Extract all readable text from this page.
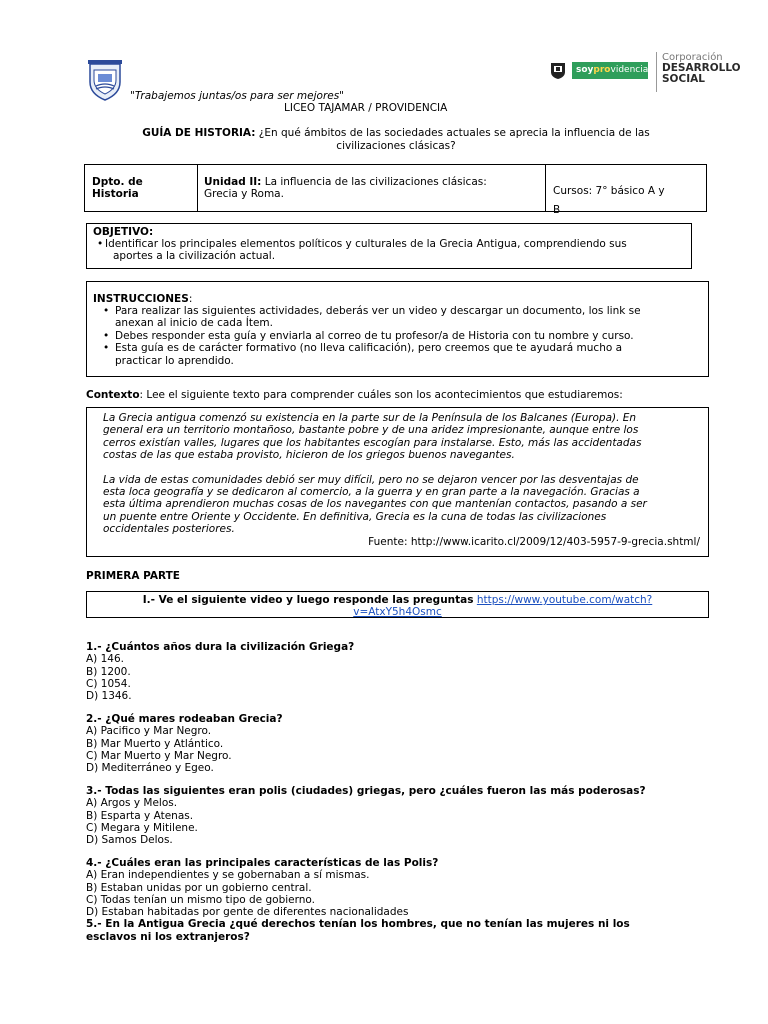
"Trabajemos juntas/os para ser mejores"
LICEO TAJAMAR / PROVIDENCIA
soyprovidencia
Corporación
DESARROLLO
SOCIAL
GUÍA DE HISTORIA: ¿En qué ámbitos de las sociedades actuales se aprecia la influencia de las
civilizaciones clásicas?
Dpto. de
Historia
Unidad II: La influencia de las civilizaciones clásicas:
Grecia y Roma.	Cursos: 7° básico A y
B
OBJETIVO:
• Identificar los principales elementos políticos y culturales de la Grecia Antigua, comprendiendo sus
aportes a la civilización actual.
INSTRUCCIONES:
• Para realizar las siguientes actividades, deberás ver un video y descargar un documento, los link se
anexan al inicio de cada Ítem.
• Debes responder esta guía y enviarla al correo de tu profesor/a de Historia con tu nombre y curso.
• Esta guía es de carácter formativo (no lleva calificación), pero creemos que te ayudará mucho a
practicar lo aprendido.
Contexto: Lee el siguiente texto para comprender cuáles son los acontecimientos que estudiaremos:

La Grecia antigua comenzó su existencia en la parte sur de la Península de los Balcanes (Europa). En

general era un territorio montañoso, bastante pobre y de una aridez impresionante, aunque entre los

cerros existían valles, lugares que los habitantes escogían para instalarse. Esto, más las accidentadas

costas de las que estaba provisto, hicieron de los griegos buenos navegantes.

La vida de estas comunidades debió ser muy difícil, pero no se dejaron vencer por las desventajas de

esta loca geografía y se dedicaron al comercio, a la guerra y en gran parte a la navegación. Gracias a

esta última aprendieron muchas cosas de los navegantes con que mantenían contactos, pasando a ser

un puente entre Oriente y Occidente. En definitiva, Grecia es la cuna de todas las civilizaciones

occidentales posteriores.

Fuente: http://www.icarito.cl/2009/12/403-5957-9-grecia.shtml/

PRIMERA PARTE
I.- Ve el siguiente video y luego responde las preguntas https://www.youtube.com/watch?
v=AtxY5h4Osmc
1.- ¿Cuántos años dura la civilización Griega?
A) 146.
B) 1200.
C) 1054.
D) 1346.
2.- ¿Qué mares rodeaban Grecia?
A) Pacifico y Mar Negro.
B) Mar Muerto y Atlántico.
C) Mar Muerto y Mar Negro.
D) Mediterráneo y Egeo.
3.- Todas las siguientes eran polis (ciudades) griegas, pero ¿cuáles fueron las más poderosas?
A) Argos y Melos.
B) Esparta y Atenas.
C) Megara y Mitilene.
D) Samos Delos.
4.- ¿Cuáles eran las principales características de las Polis?
A) Eran independientes y se gobernaban a sí mismas.
B) Estaban unidas por un gobierno central.
C) Todas tenían un mismo tipo de gobierno.
D) Estaban habitadas por gente de diferentes nacionalidades
5.- En la Antigua Grecia ¿qué derechos tenían los hombres, que no tenían las mujeres ni los
esclavos ni los extranjeros?
